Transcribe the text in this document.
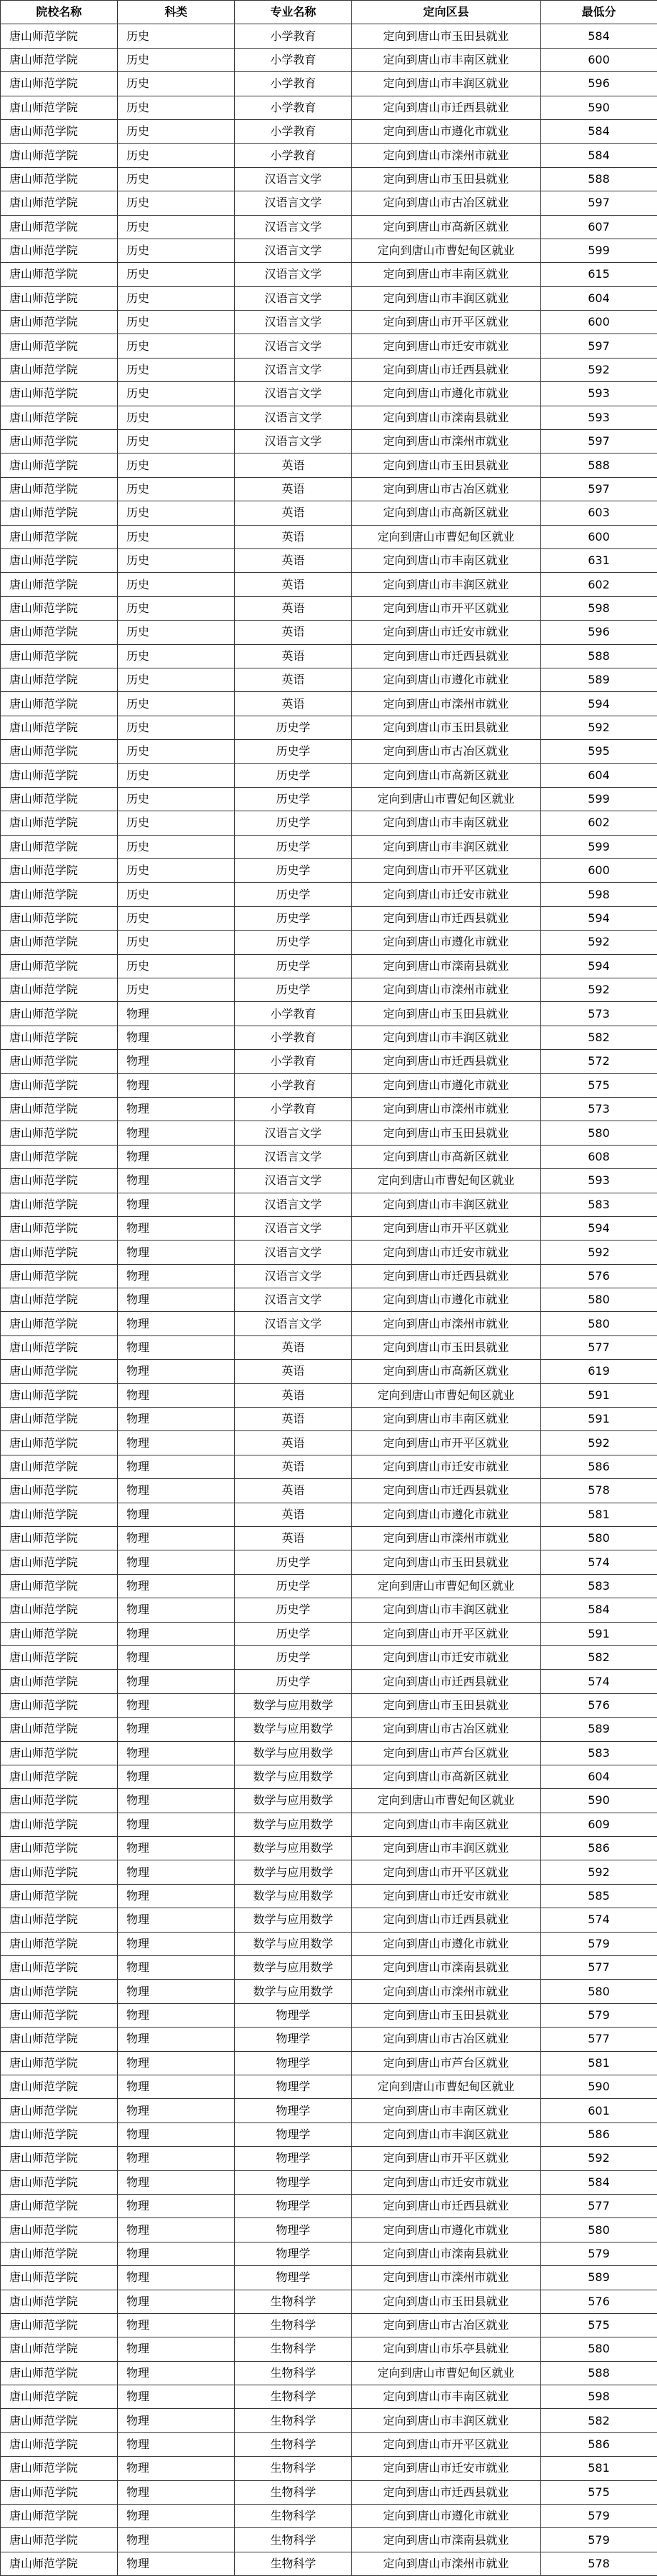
院校名称	科类	专业名称	定向区县	最低分
唐山师范学院	历史	小学教育	定向到唐山市玉田县就业	584
唐山师范学院	历史	小学教育	定向到唐山市丰南区就业	600
唐山师范学院	历史	小学教育	定向到唐山市丰润区就业	596
唐山师范学院	历史	小学教育	定向到唐山市迁西县就业	590
唐山师范学院	历史	小学教育	定向到唐山市遵化市就业	584
唐山师范学院	历史	小学教育	定向到唐山市滦州市就业	584
唐山师范学院	历史	汉语言文学	定向到唐山市玉田县就业	588
唐山师范学院	历史	汉语言文学	定向到唐山市古冶区就业	597
唐山师范学院	历史	汉语言文学	定向到唐山市高新区就业	607
唐山师范学院	历史	汉语言文学	定向到唐山市曹妃甸区就业	599
唐山师范学院	历史	汉语言文学	定向到唐山市丰南区就业	615
唐山师范学院	历史	汉语言文学	定向到唐山市丰润区就业	604
唐山师范学院	历史	汉语言文学	定向到唐山市开平区就业	600
唐山师范学院	历史	汉语言文学	定向到唐山市迁安市就业	597
唐山师范学院	历史	汉语言文学	定向到唐山市迁西县就业	592
唐山师范学院	历史	汉语言文学	定向到唐山市遵化市就业	593
唐山师范学院	历史	汉语言文学	定向到唐山市滦南县就业	593
唐山师范学院	历史	汉语言文学	定向到唐山市滦州市就业	597
唐山师范学院	历史	英语	定向到唐山市玉田县就业	588
唐山师范学院	历史	英语	定向到唐山市古冶区就业	597
唐山师范学院	历史	英语	定向到唐山市高新区就业	603
唐山师范学院	历史	英语	定向到唐山市曹妃甸区就业	600
唐山师范学院	历史	英语	定向到唐山市丰南区就业	631
唐山师范学院	历史	英语	定向到唐山市丰润区就业	602
唐山师范学院	历史	英语	定向到唐山市开平区就业	598
唐山师范学院	历史	英语	定向到唐山市迁安市就业	596
唐山师范学院	历史	英语	定向到唐山市迁西县就业	588
唐山师范学院	历史	英语	定向到唐山市遵化市就业	589
唐山师范学院	历史	英语	定向到唐山市滦州市就业	594
唐山师范学院	历史	历史学	定向到唐山市玉田县就业	592
唐山师范学院	历史	历史学	定向到唐山市古冶区就业	595
唐山师范学院	历史	历史学	定向到唐山市高新区就业	604
唐山师范学院	历史	历史学	定向到唐山市曹妃甸区就业	599
唐山师范学院	历史	历史学	定向到唐山市丰南区就业	602
唐山师范学院	历史	历史学	定向到唐山市丰润区就业	599
唐山师范学院	历史	历史学	定向到唐山市开平区就业	600
唐山师范学院	历史	历史学	定向到唐山市迁安市就业	598
唐山师范学院	历史	历史学	定向到唐山市迁西县就业	594
唐山师范学院	历史	历史学	定向到唐山市遵化市就业	592
唐山师范学院	历史	历史学	定向到唐山市滦南县就业	594
唐山师范学院	历史	历史学	定向到唐山市滦州市就业	592
唐山师范学院	物理	小学教育	定向到唐山市玉田县就业	573
唐山师范学院	物理	小学教育	定向到唐山市丰润区就业	582
唐山师范学院	物理	小学教育	定向到唐山市迁西县就业	572
唐山师范学院	物理	小学教育	定向到唐山市遵化市就业	575
唐山师范学院	物理	小学教育	定向到唐山市滦州市就业	573
唐山师范学院	物理	汉语言文学	定向到唐山市玉田县就业	580
唐山师范学院	物理	汉语言文学	定向到唐山市高新区就业	608
唐山师范学院	物理	汉语言文学	定向到唐山市曹妃甸区就业	593
唐山师范学院	物理	汉语言文学	定向到唐山市丰润区就业	583
唐山师范学院	物理	汉语言文学	定向到唐山市开平区就业	594
唐山师范学院	物理	汉语言文学	定向到唐山市迁安市就业	592
唐山师范学院	物理	汉语言文学	定向到唐山市迁西县就业	576
唐山师范学院	物理	汉语言文学	定向到唐山市遵化市就业	580
唐山师范学院	物理	汉语言文学	定向到唐山市滦州市就业	580
唐山师范学院	物理	英语	定向到唐山市玉田县就业	577
唐山师范学院	物理	英语	定向到唐山市高新区就业	619
唐山师范学院	物理	英语	定向到唐山市曹妃甸区就业	591
唐山师范学院	物理	英语	定向到唐山市丰南区就业	591
唐山师范学院	物理	英语	定向到唐山市开平区就业	592
唐山师范学院	物理	英语	定向到唐山市迁安市就业	586
唐山师范学院	物理	英语	定向到唐山市迁西县就业	578
唐山师范学院	物理	英语	定向到唐山市遵化市就业	581
唐山师范学院	物理	英语	定向到唐山市滦州市就业	580
唐山师范学院	物理	历史学	定向到唐山市玉田县就业	574
唐山师范学院	物理	历史学	定向到唐山市曹妃甸区就业	583
唐山师范学院	物理	历史学	定向到唐山市丰润区就业	584
唐山师范学院	物理	历史学	定向到唐山市开平区就业	591
唐山师范学院	物理	历史学	定向到唐山市迁安市就业	582
唐山师范学院	物理	历史学	定向到唐山市迁西县就业	574
唐山师范学院	物理	数学与应用数学	定向到唐山市玉田县就业	576
唐山师范学院	物理	数学与应用数学	定向到唐山市古冶区就业	589
唐山师范学院	物理	数学与应用数学	定向到唐山市芦台区就业	583
唐山师范学院	物理	数学与应用数学	定向到唐山市高新区就业	604
唐山师范学院	物理	数学与应用数学	定向到唐山市曹妃甸区就业	590
唐山师范学院	物理	数学与应用数学	定向到唐山市丰南区就业	609
唐山师范学院	物理	数学与应用数学	定向到唐山市丰润区就业	586
唐山师范学院	物理	数学与应用数学	定向到唐山市开平区就业	592
唐山师范学院	物理	数学与应用数学	定向到唐山市迁安市就业	585
唐山师范学院	物理	数学与应用数学	定向到唐山市迁西县就业	574
唐山师范学院	物理	数学与应用数学	定向到唐山市遵化市就业	579
唐山师范学院	物理	数学与应用数学	定向到唐山市滦南县就业	577
唐山师范学院	物理	数学与应用数学	定向到唐山市滦州市就业	580
唐山师范学院	物理	物理学	定向到唐山市玉田县就业	579
唐山师范学院	物理	物理学	定向到唐山市古冶区就业	577
唐山师范学院	物理	物理学	定向到唐山市芦台区就业	581
唐山师范学院	物理	物理学	定向到唐山市曹妃甸区就业	590
唐山师范学院	物理	物理学	定向到唐山市丰南区就业	601
唐山师范学院	物理	物理学	定向到唐山市丰润区就业	586
唐山师范学院	物理	物理学	定向到唐山市开平区就业	592
唐山师范学院	物理	物理学	定向到唐山市迁安市就业	584
唐山师范学院	物理	物理学	定向到唐山市迁西县就业	577
唐山师范学院	物理	物理学	定向到唐山市遵化市就业	580
唐山师范学院	物理	物理学	定向到唐山市滦南县就业	579
唐山师范学院	物理	物理学	定向到唐山市滦州市就业	589
唐山师范学院	物理	生物科学	定向到唐山市玉田县就业	576
唐山师范学院	物理	生物科学	定向到唐山市古冶区就业	575
唐山师范学院	物理	生物科学	定向到唐山市乐亭县就业	580
唐山师范学院	物理	生物科学	定向到唐山市曹妃甸区就业	588
唐山师范学院	物理	生物科学	定向到唐山市丰南区就业	598
唐山师范学院	物理	生物科学	定向到唐山市丰润区就业	582
唐山师范学院	物理	生物科学	定向到唐山市开平区就业	586
唐山师范学院	物理	生物科学	定向到唐山市迁安市就业	581
唐山师范学院	物理	生物科学	定向到唐山市迁西县就业	575
唐山师范学院	物理	生物科学	定向到唐山市遵化市就业	579
唐山师范学院	物理	生物科学	定向到唐山市滦南县就业	579
唐山师范学院	物理	生物科学	定向到唐山市滦州市就业	578
